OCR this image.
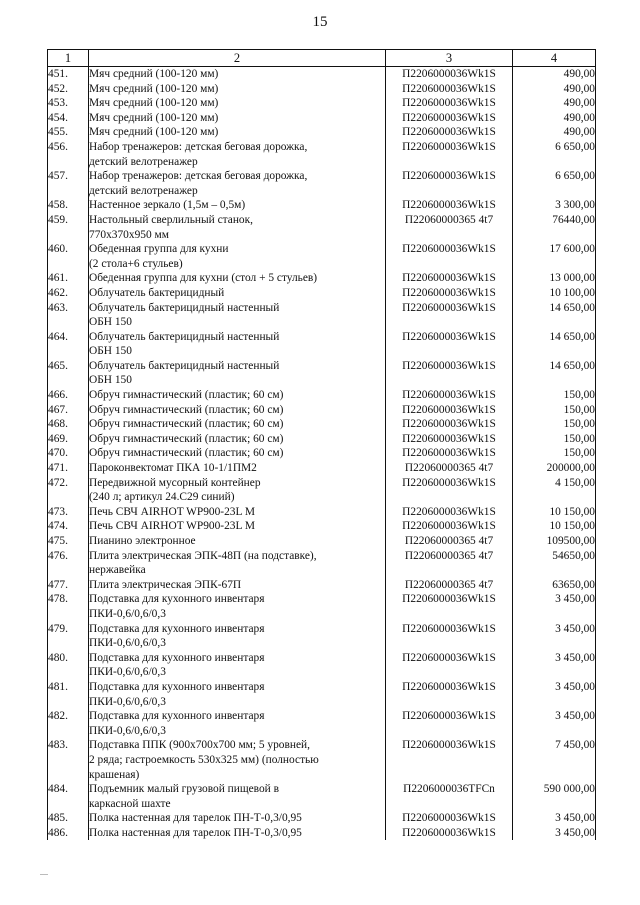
15
1	2	3	4
451.	Мяч средний (100-120 мм)	П2206000036Wk1S	490,00
452.	Мяч средний (100-120 мм)	П2206000036Wk1S	490,00
453.	Мяч средний (100-120 мм)	П2206000036Wk1S	490,00
454.	Мяч средний (100-120 мм)	П2206000036Wk1S	490,00
455.	Мяч средний (100-120 мм)	П2206000036Wk1S	490,00
456.	Набор тренажеров: детская беговая дорожка,
детский велотренажер	П2206000036Wk1S	6 650,00
457.	Набор тренажеров: детская беговая дорожка,
детский велотренажер	П2206000036Wk1S	6 650,00
458.	Настенное зеркало (1,5м – 0,5м)	П2206000036Wk1S	3 300,00
459.	Настольный сверлильный станок,
770х370х950 мм	П22060000365 4t7	76440,00
460.	Обеденная группа для кухни
(2 стола+6 стульев)	П2206000036Wk1S	17 600,00
461.	Обеденная группа для кухни (стол + 5 стульев)	П2206000036Wk1S	13 000,00
462.	Облучатель бактерицидный	П2206000036Wk1S	10 100,00
463.	Облучатель бактерицидный настенный
ОБН 150	П2206000036Wk1S	14 650,00
464.	Облучатель бактерицидный настенный
ОБН 150	П2206000036Wk1S	14 650,00
465.	Облучатель бактерицидный настенный
ОБН 150	П2206000036Wk1S	14 650,00
466.	Обруч гимнастический (пластик; 60 см)	П2206000036Wk1S	150,00
467.	Обруч гимнастический (пластик; 60 см)	П2206000036Wk1S	150,00
468.	Обруч гимнастический (пластик; 60 см)	П2206000036Wk1S	150,00
469.	Обруч гимнастический (пластик; 60 см)	П2206000036Wk1S	150,00
470.	Обруч гимнастический (пластик; 60 см)	П2206000036Wk1S	150,00
471.	Пароконвектомат ПКА 10-1/1ПМ2	П22060000365 4t7	200000,00
472.	Передвижной мусорный контейнер
(240 л; артикул 24.С29 синий)	П2206000036Wk1S	4 150,00
473.	Печь СВЧ AIRHOT WP900-23L M	П2206000036Wk1S	10 150,00
474.	Печь СВЧ AIRHOT WP900-23L M	П2206000036Wk1S	10 150,00
475.	Пианино электронное	П22060000365 4t7	109500,00
476.	Плита электрическая ЭПК-48П (на подставке),
нержавейка	П22060000365 4t7	54650,00
477.	Плита электрическая ЭПК-67П	П22060000365 4t7	63650,00
478.	Подставка для кухонного инвентаря
ПКИ-0,6/0,6/0,3	П2206000036Wk1S	3 450,00
479.	Подставка для кухонного инвентаря
ПКИ-0,6/0,6/0,3	П2206000036Wk1S	3 450,00
480.	Подставка для кухонного инвентаря
ПКИ-0,6/0,6/0,3	П2206000036Wk1S	3 450,00
481.	Подставка для кухонного инвентаря
ПКИ-0,6/0,6/0,3	П2206000036Wk1S	3 450,00
482.	Подставка для кухонного инвентаря
ПКИ-0,6/0,6/0,3	П2206000036Wk1S	3 450,00
483.	Подставка ППК (900х700х700 мм; 5 уровней,
2 ряда; гастроемкость 530х325 мм) (полностью
крашеная)	П2206000036Wk1S	7 450,00
484.	Подъемник малый грузовой пищевой в
каркасной шахте	П2206000036TFCn	590 000,00
485.	Полка настенная для тарелок ПН-Т-0,3/0,95	П2206000036Wk1S	3 450,00
486.	Полка настенная для тарелок ПН-Т-0,3/0,95	П2206000036Wk1S	3 450,00
